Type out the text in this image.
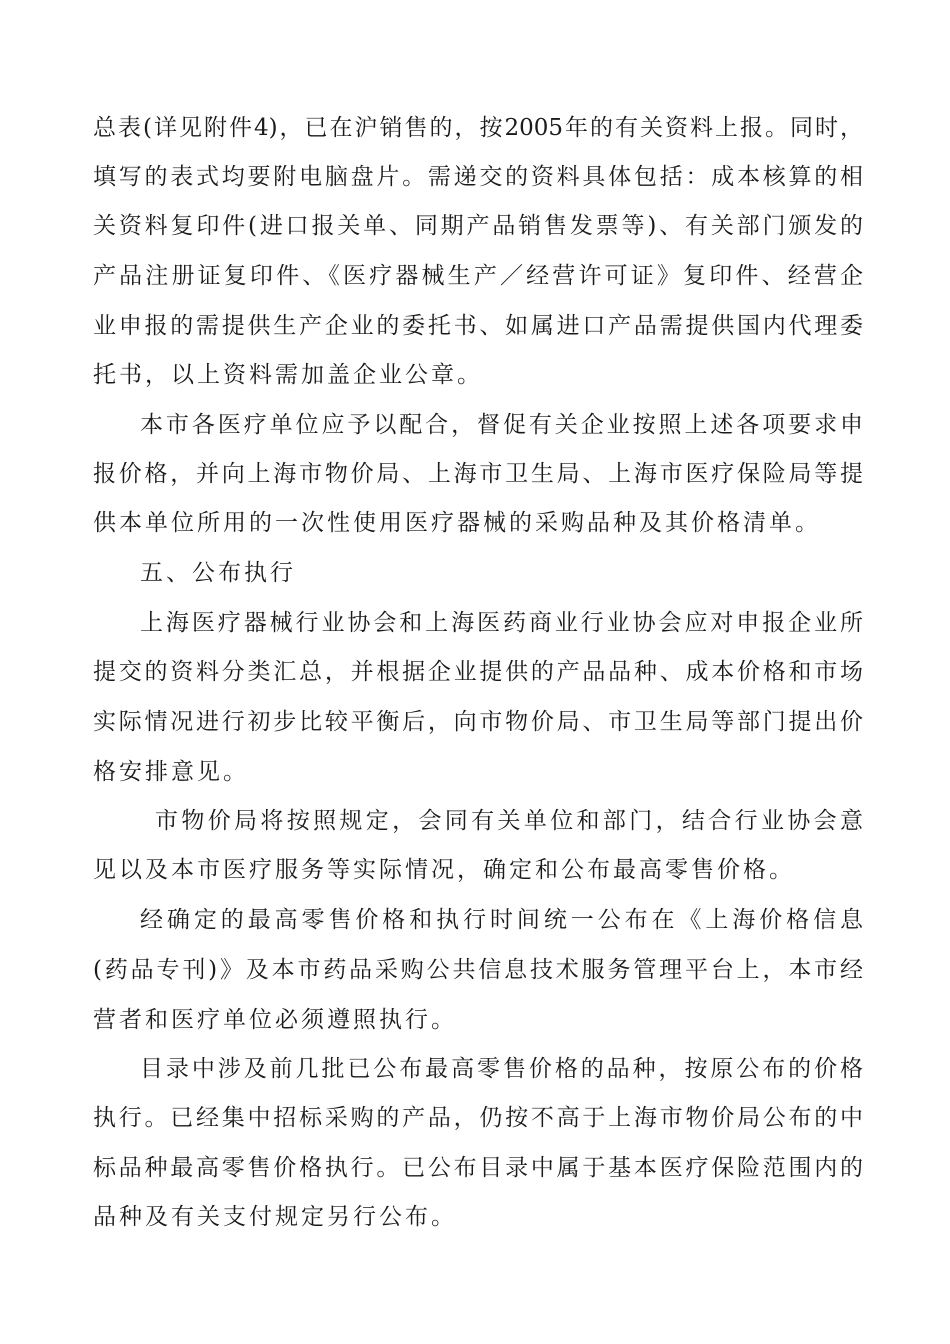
总表(详见附件4)，已在沪销售的，按2005年的有关资料上报。同时，
填写的表式均要附电脑盘片。需递交的资料具体包括：成本核算的相
关资料复印件(进口报关单、同期产品销售发票等)、有关部门颁发的
产品注册证复印件、《医疗器械生产／经营许可证》复印件、经营企
业申报的需提供生产企业的委托书、如属进口产品需提供国内代理委
托书，以上资料需加盖企业公章。
本市各医疗单位应予以配合，督促有关企业按照上述各项要求申
报价格，并向上海市物价局、上海市卫生局、上海市医疗保险局等提
供本单位所用的一次性使用医疗器械的采购品种及其价格清单。
五、公布执行
上海医疗器械行业协会和上海医药商业行业协会应对申报企业所
提交的资料分类汇总，并根据企业提供的产品品种、成本价格和市场
实际情况进行初步比较平衡后，向市物价局、市卫生局等部门提出价
格安排意见。
市物价局将按照规定，会同有关单位和部门，结合行业协会意
见以及本市医疗服务等实际情况，确定和公布最高零售价格。
经确定的最高零售价格和执行时间统一公布在《上海价格信息
(药品专刊)》及本市药品采购公共信息技术服务管理平台上，本市经
营者和医疗单位必须遵照执行。
目录中涉及前几批已公布最高零售价格的品种，按原公布的价格
执行。已经集中招标采购的产品，仍按不高于上海市物价局公布的中
标品种最高零售价格执行。已公布目录中属于基本医疗保险范围内的
品种及有关支付规定另行公布。
